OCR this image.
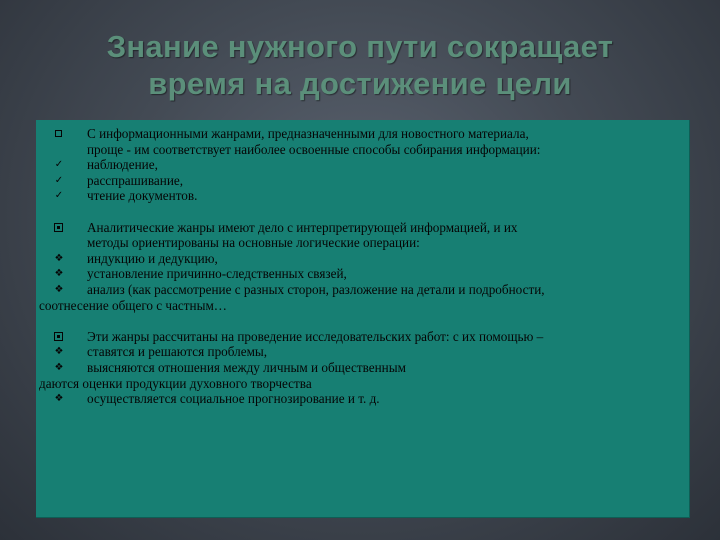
Знание нужного пути сокращает
время на достижение цели
С информационными жанрами, предназначенными для новостного материала,
проще - им соответствует наиболее освоенные способы собирания информации:
✓ наблюдение,
✓ расспрашивание,
✓ чтение документов.
Аналитические жанры имеют дело с интерпретирующей информацией, и их
методы ориентированы на основные логические операции:
❖ индукцию и дедукцию,
❖ установление причинно-следственных связей,
❖ анализ (как рассмотрение с разных сторон, разложение на детали и подробности,
соотнесение общего с частным…
Эти жанры рассчитаны на проведение исследовательских работ: с их помощью –
❖ ставятся и решаются проблемы,
❖ выясняются отношения между личным и общественным
даются оценки продукции духовного творчества
❖ осуществляется социальное прогнозирование и т. д.
